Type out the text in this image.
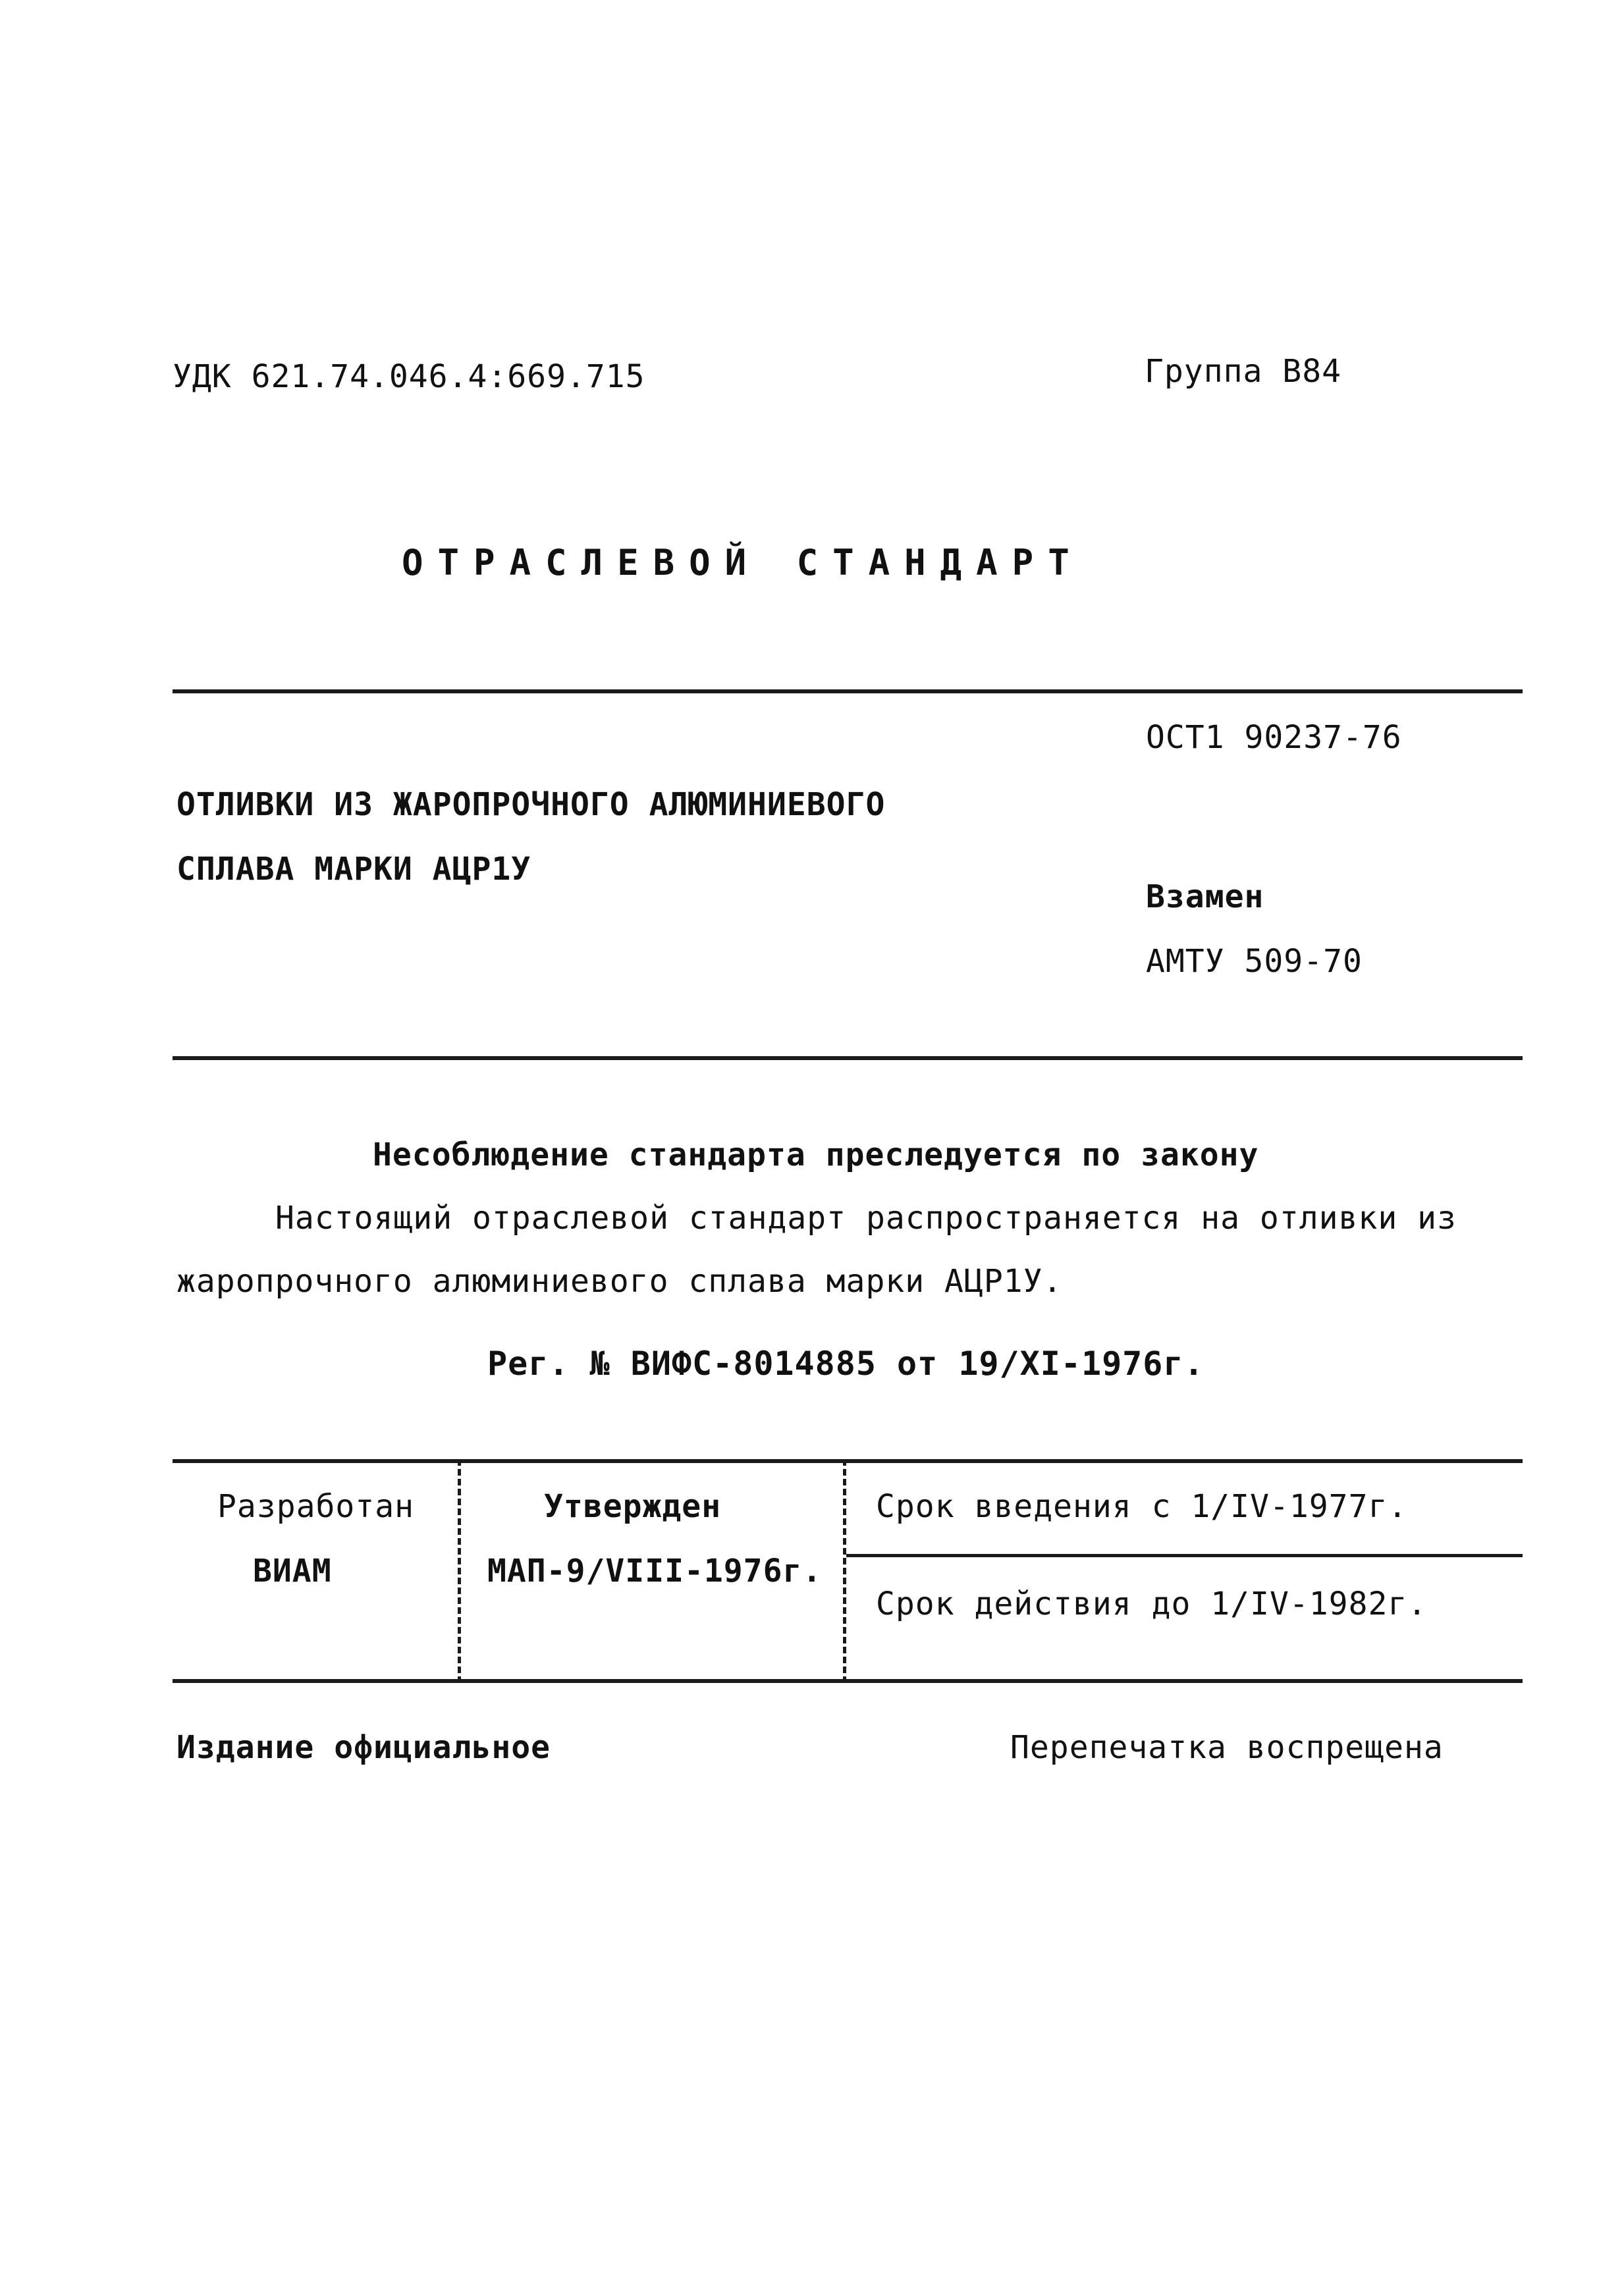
УДК 621.74.046.4:669.715	Группа В84
ОТРАСЛЕВОЙ СТАНДАРТ
ОСТ1 90237-76
ОТЛИВКИ ИЗ ЖАРОПРОЧНОГО АЛЮМИНИЕВОГО
СПЛАВА МАРКИ АЦР1У
Взамен
АМТУ 509-70
Несоблюдение стандарта преследуется по закону
Настоящий отраслевой стандарт распространяется на отливки из
жаропрочного алюминиевого сплава марки АЦР1У.
Рег. № ВИФС-8014885 от 19/XI-1976г.
Разработан
ВИАМ
Утвержден
МАП-9/VIII-1976г.
Срок введения с 1/IV-1977г.
Срок действия до 1/IV-1982г.
Издание официальное	Перепечатка воспрещена
